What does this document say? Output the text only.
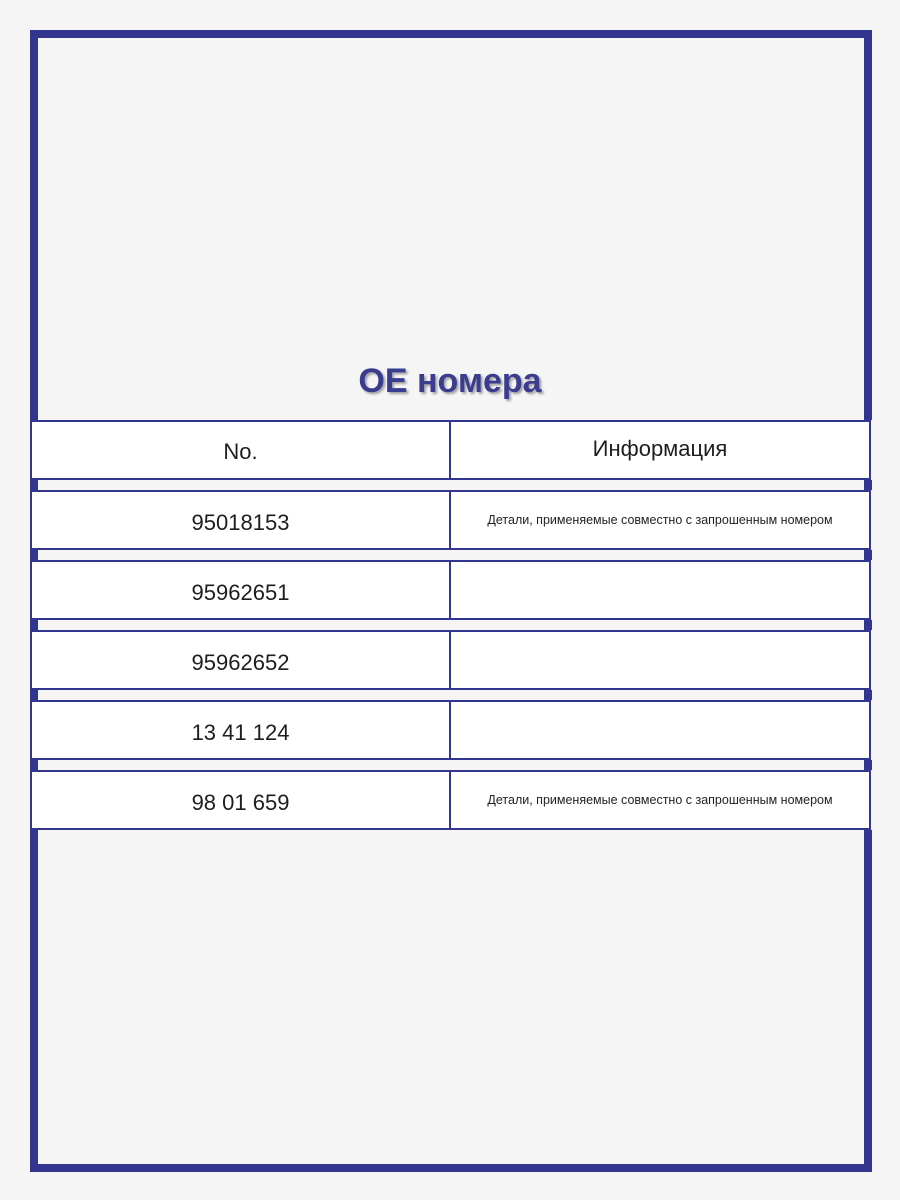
OE номера
No.	Информация
95018153	Детали, применяемые совместно с запрошенным номером
95962651
95962652
13 41 124
98 01 659	Детали, применяемые совместно с запрошенным номером
